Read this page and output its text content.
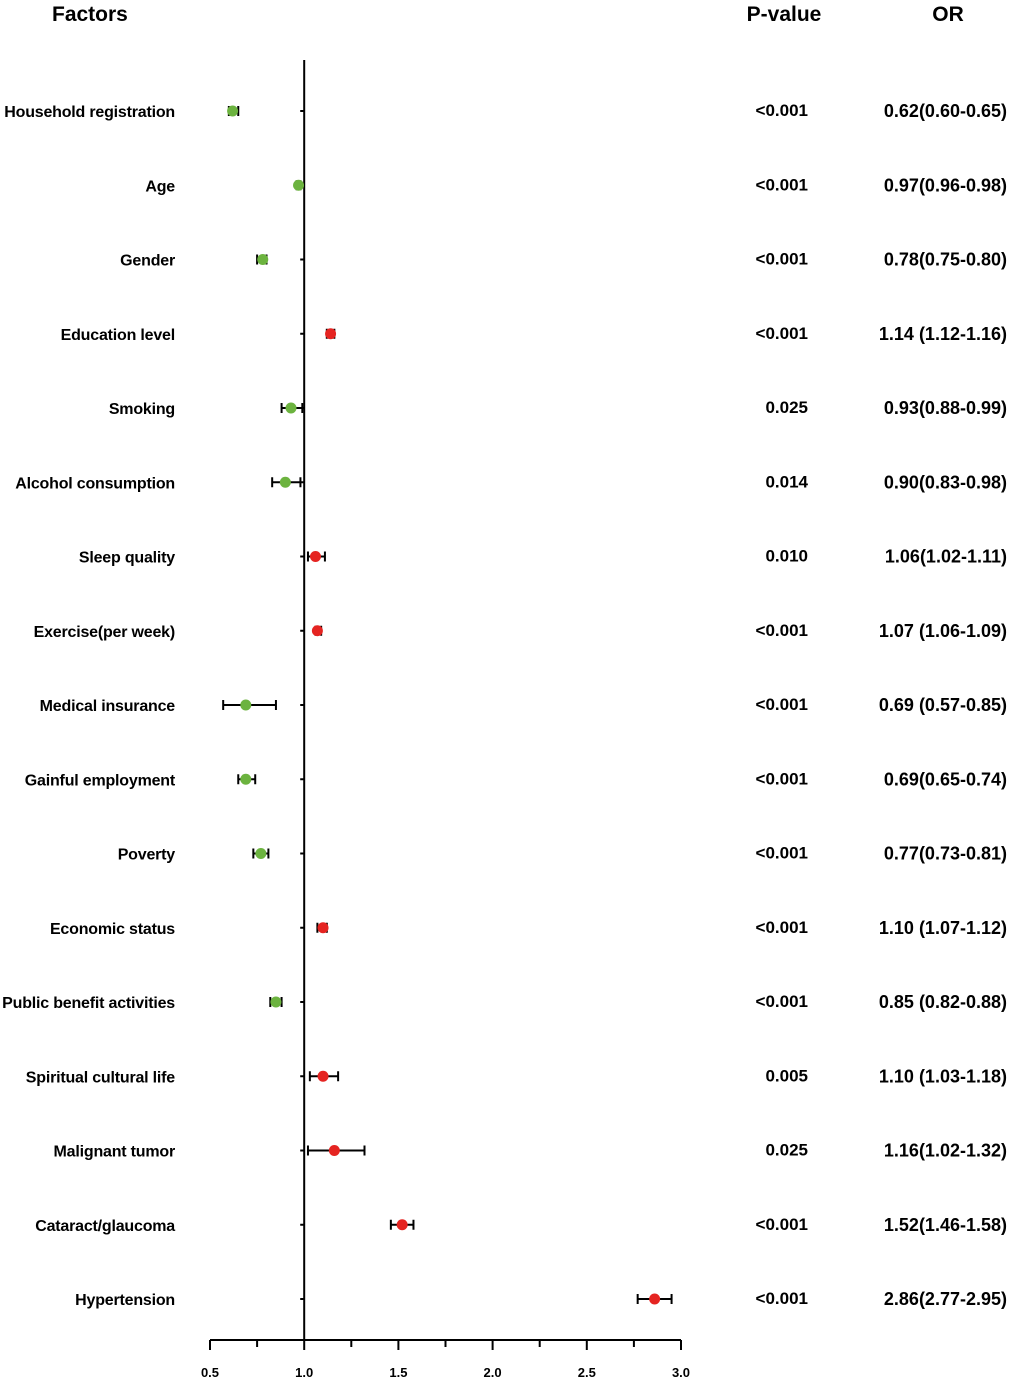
Factors	P-value	OR
0.5	1.0	1.5	2.0	2.5	3.0
Household registration	<0.001	0.62(0.60-0.65)
Age	<0.001	0.97(0.96-0.98)
Gender	<0.001	0.78(0.75-0.80)
Education level	<0.001	1.14 (1.12-1.16)
Smoking	0.025	0.93(0.88-0.99)
Alcohol consumption	0.014	0.90(0.83-0.98)
Sleep quality	0.010	1.06(1.02-1.11)
Exercise(per week)	<0.001	1.07 (1.06-1.09)
Medical insurance	<0.001	0.69 (0.57-0.85)
Gainful employment	<0.001	0.69(0.65-0.74)
Poverty	<0.001	0.77(0.73-0.81)
Economic status	<0.001	1.10 (1.07-1.12)
Public benefit activities	<0.001	0.85 (0.82-0.88)
Spiritual cultural life	0.005	1.10 (1.03-1.18)
Malignant tumor	0.025	1.16(1.02-1.32)
Cataract/glaucoma	<0.001	1.52(1.46-1.58)
Hypertension	<0.001	2.86(2.77-2.95)
